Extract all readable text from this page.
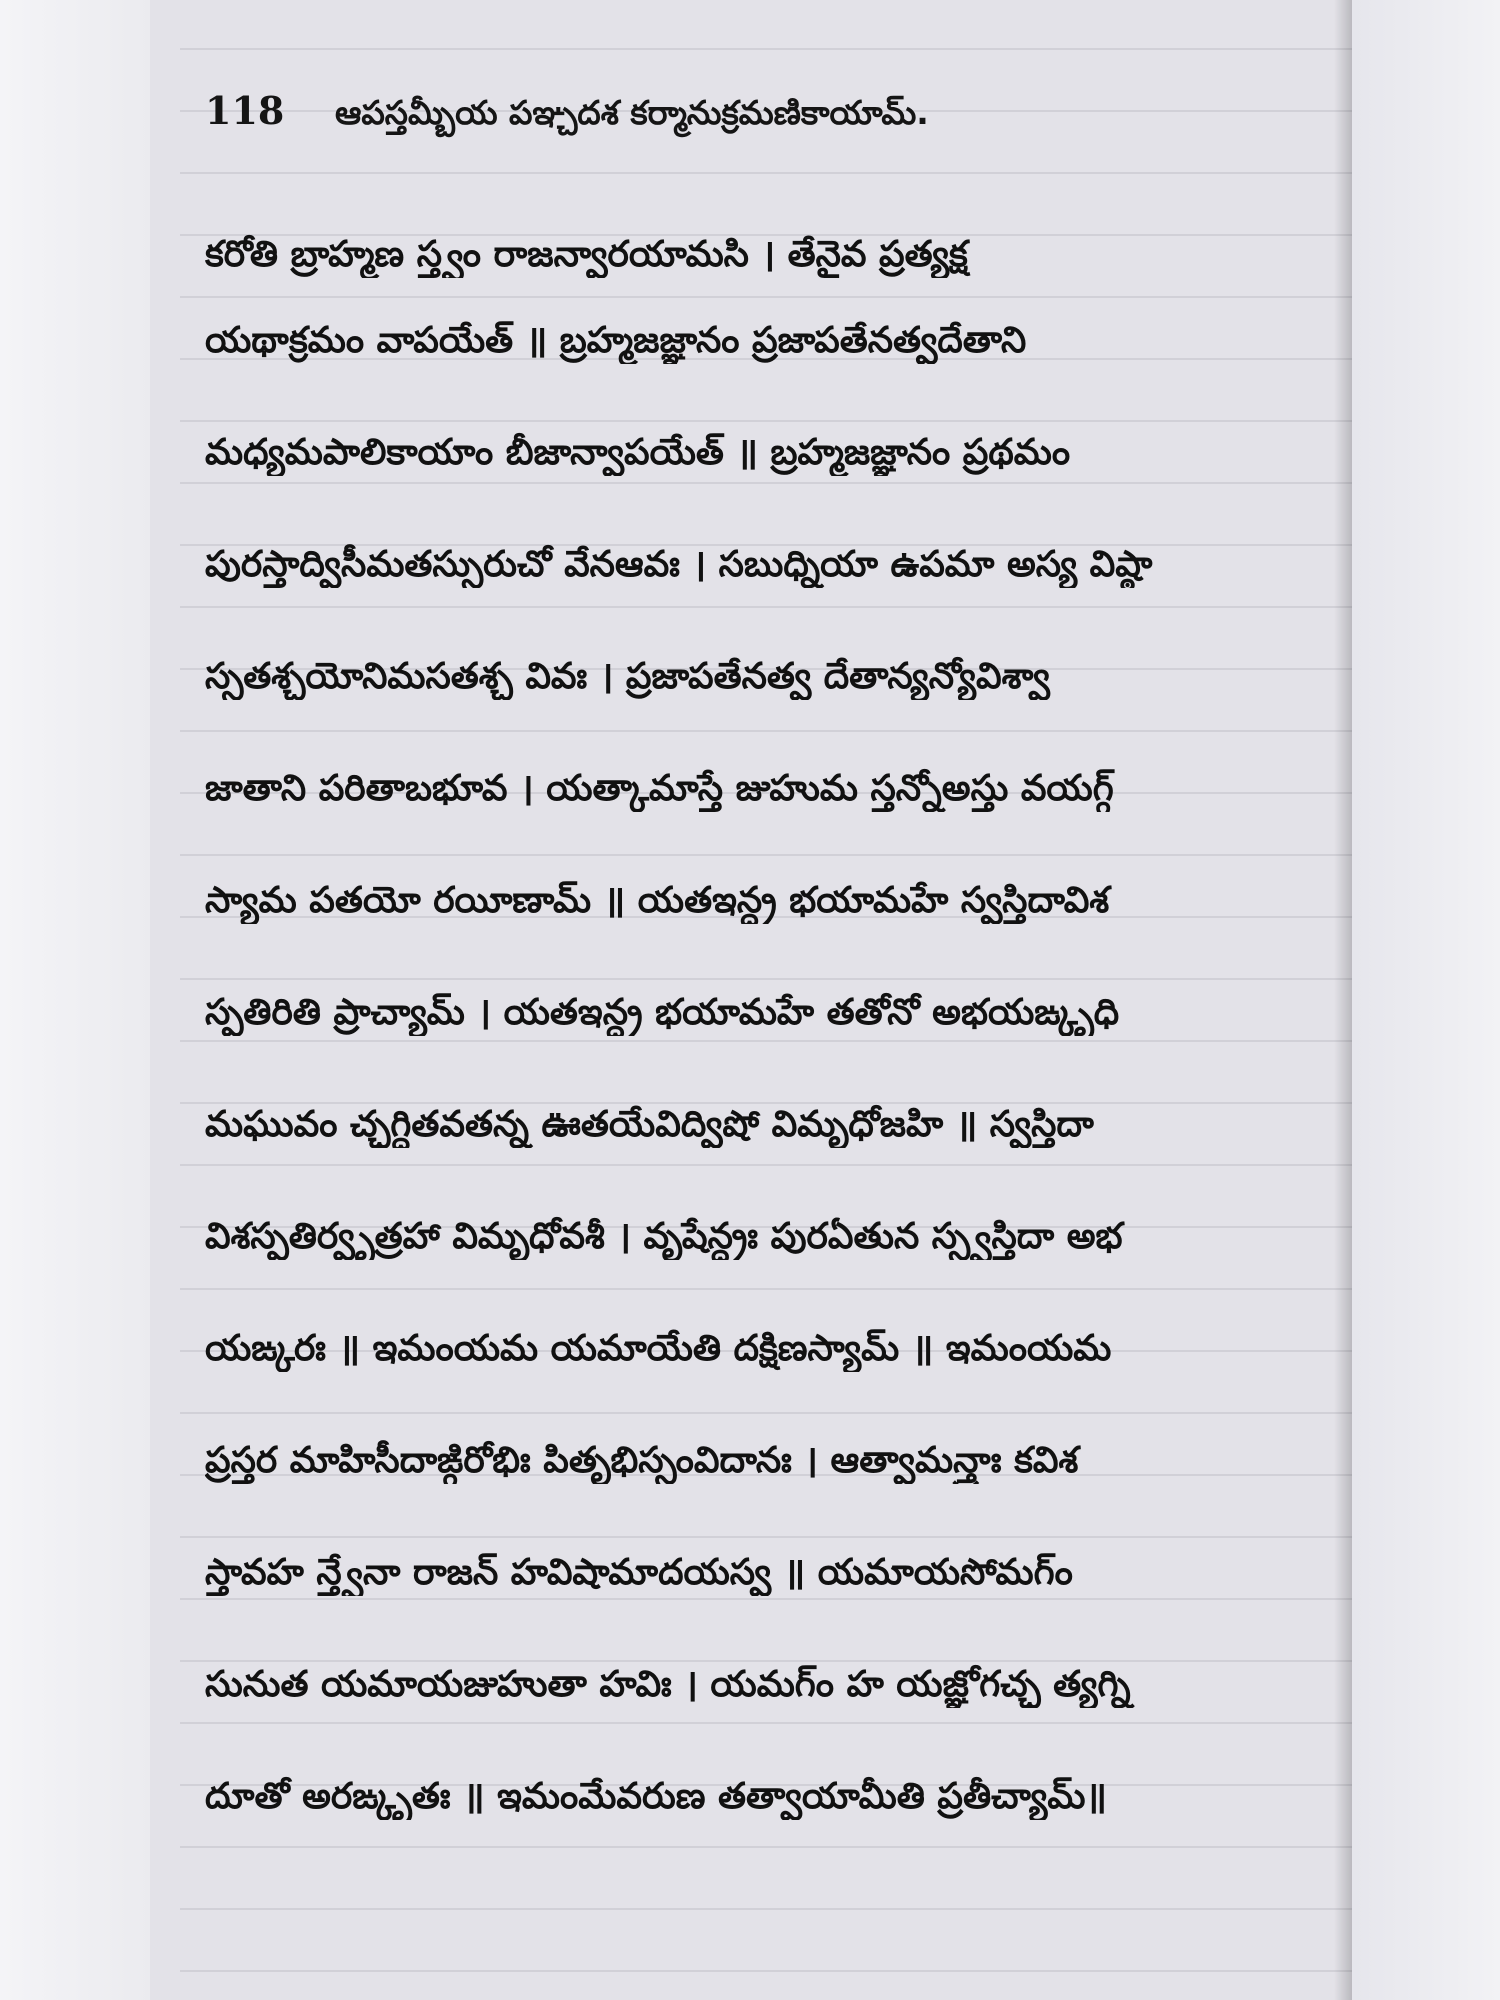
118	ఆపస్తమ్బీయ పఞ్చదశ కర్మానుక్రమణికాయామ్.
కరోతి బ్రాహ్మణ స్త్వం రాజన్వారయామసి । తేనైవ ప్రత్యక్ష
యథాక్రమం వాపయేత్ ॥ బ్రహ్మజజ్ఞానం ప్రజాపతేనత్వదేతాని
మధ్యమపాలికాయాం బీజాన్వాపయేత్ ॥ బ్రహ్మజజ్ఞానం ప్రథమం
పురస్తాద్విసీమతస్సురుచో వేనఆవః । సబుధ్నియా ఉపమా అస్య విష్ఠా
స్సతశ్చయోనిమసతశ్చ వివః । ప్రజాపతేనత్వ దేతాన్యన్యోవిశ్వా
జాతాని పరితాబభూవ । యత్కామాస్తే జుహుమ స్తన్నోఅస్తు వయగ్గ్
స్యామ పతయో రయీణామ్ ॥ యతఇన్ద్ర భయామహే స్వస్తిదావిశ
స్పతిరితి ప్రాచ్యామ్ । యతఇన్ద్ర భయామహే తతోనో అభయఙ్కృధి
మఘువం చ్ఛగ్ధితవతన్న ఊతయేవిద్విషో విమృధోజహి ॥ స్వస్తిదా
విశస్పతిర్వృత్రహా విమృధోవశీ । వృషేన్ద్రః పురఏతున స్స్వస్తిదా అభ
యఙ్కరః ॥ ఇమంయమ యమాయేతి దక్షిణస్యామ్ ॥ ఇమంయమ
ప్రస్తర మాహిసీదాఙ్గిరోభిః పితృభిస్సంవిదానః । ఆత్వామన్త్రాః కవిశ
స్తావహ న్త్వేనా రాజన్ హవిషామాదయస్వ ॥ యమాయసోమగ్ం
సునుత యమాయజుహుతా హవిః । యమగ్ం హ యజ్ఞోగచ్ఛ త్యగ్ని
దూతో అరఙ్కృతః ॥ ఇమంమేవరుణ తత్వాయామీతి ప్రతీచ్యామ్॥
